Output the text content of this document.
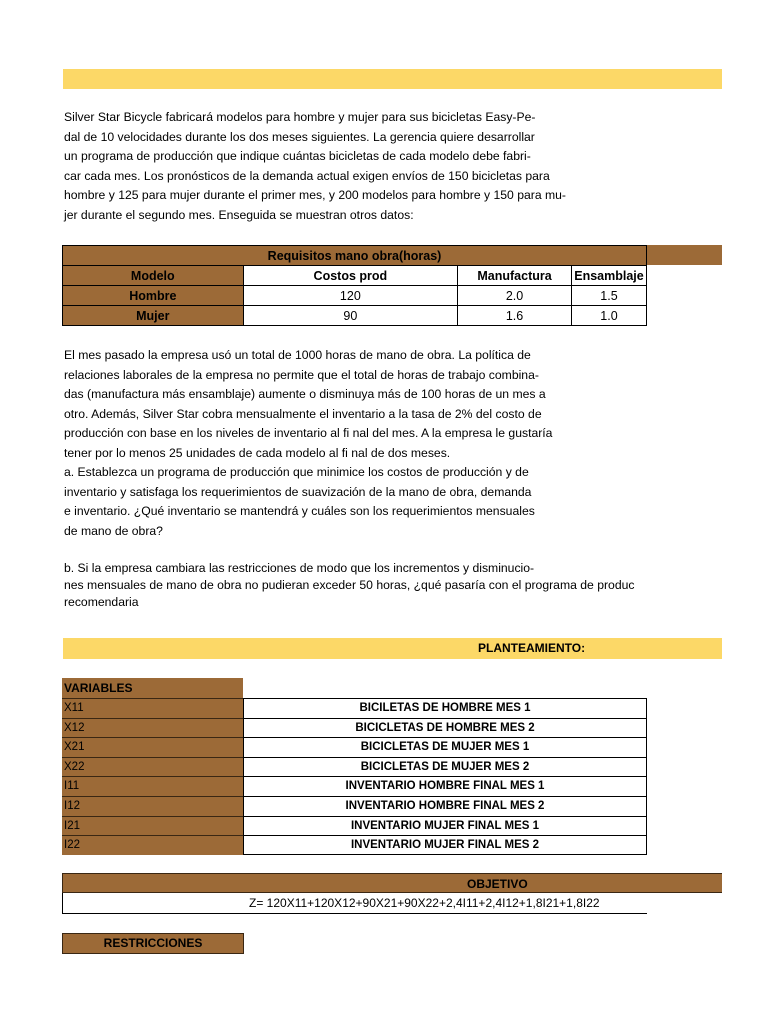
Silver Star Bicycle fabricará modelos para hombre y mujer para sus bicicletas Easy-Pe-
dal de 10 velocidades durante los dos meses siguientes. La gerencia quiere desarrollar
un programa de producción que indique cuántas bicicletas de cada modelo debe fabri-
car cada mes. Los pronósticos de la demanda actual exigen envíos de 150 bicicletas para
hombre y 125 para mujer durante el primer mes, y 200 modelos para hombre y 150 para mu-
jer durante el segundo mes. Enseguida se muestran otros datos:
Requisitos mano obra(horas)			
Modelo	Costos prod	Manufactura	Ensamblaje
Hombre	120	2.0	1.5
Mujer	90	1.6	1.0
El mes pasado la empresa usó un total de 1000 horas de mano de obra. La política de
relaciones laborales de la empresa no permite que el total de horas de trabajo combina-
das (manufactura más ensamblaje) aumente o disminuya más de 100 horas de un mes a
otro. Además, Silver Star cobra mensualmente el inventario a la tasa de 2% del costo de
producción con base en los niveles de inventario al fi nal del mes. A la empresa le gustaría
tener por lo menos 25 unidades de cada modelo al fi nal de dos meses.
a. Establezca un programa de producción que minimice los costos de producción y de
inventario y satisfaga los requerimientos de suavización de la mano de obra, demanda
e inventario. ¿Qué inventario se mantendrá y cuáles son los requerimientos mensuales
de mano de obra?
b. Si la empresa cambiara las restricciones de modo que los incrementos y disminucio-
nes mensuales de mano de obra no pudieran exceder 50 horas, ¿qué pasaría con el programa de produc
recomendaria
PLANTEAMIENTO:
VARIABLES
X11	BICILETAS DE HOMBRE MES 1
X12	BICICLETAS DE HOMBRE MES 2
X21	BICICLETAS DE MUJER MES 1
X22	BICICLETAS DE MUJER MES 2
I11	INVENTARIO HOMBRE FINAL MES 1
I12	INVENTARIO HOMBRE FINAL MES 2
I21	INVENTARIO MUJER FINAL MES 1
I22	INVENTARIO MUJER FINAL MES 2
OBJETIVO
Z= 120X11+120X12+90X21+90X22+2,4I11+2,4I12+1,8I21+1,8I22
RESTRICCIONES
